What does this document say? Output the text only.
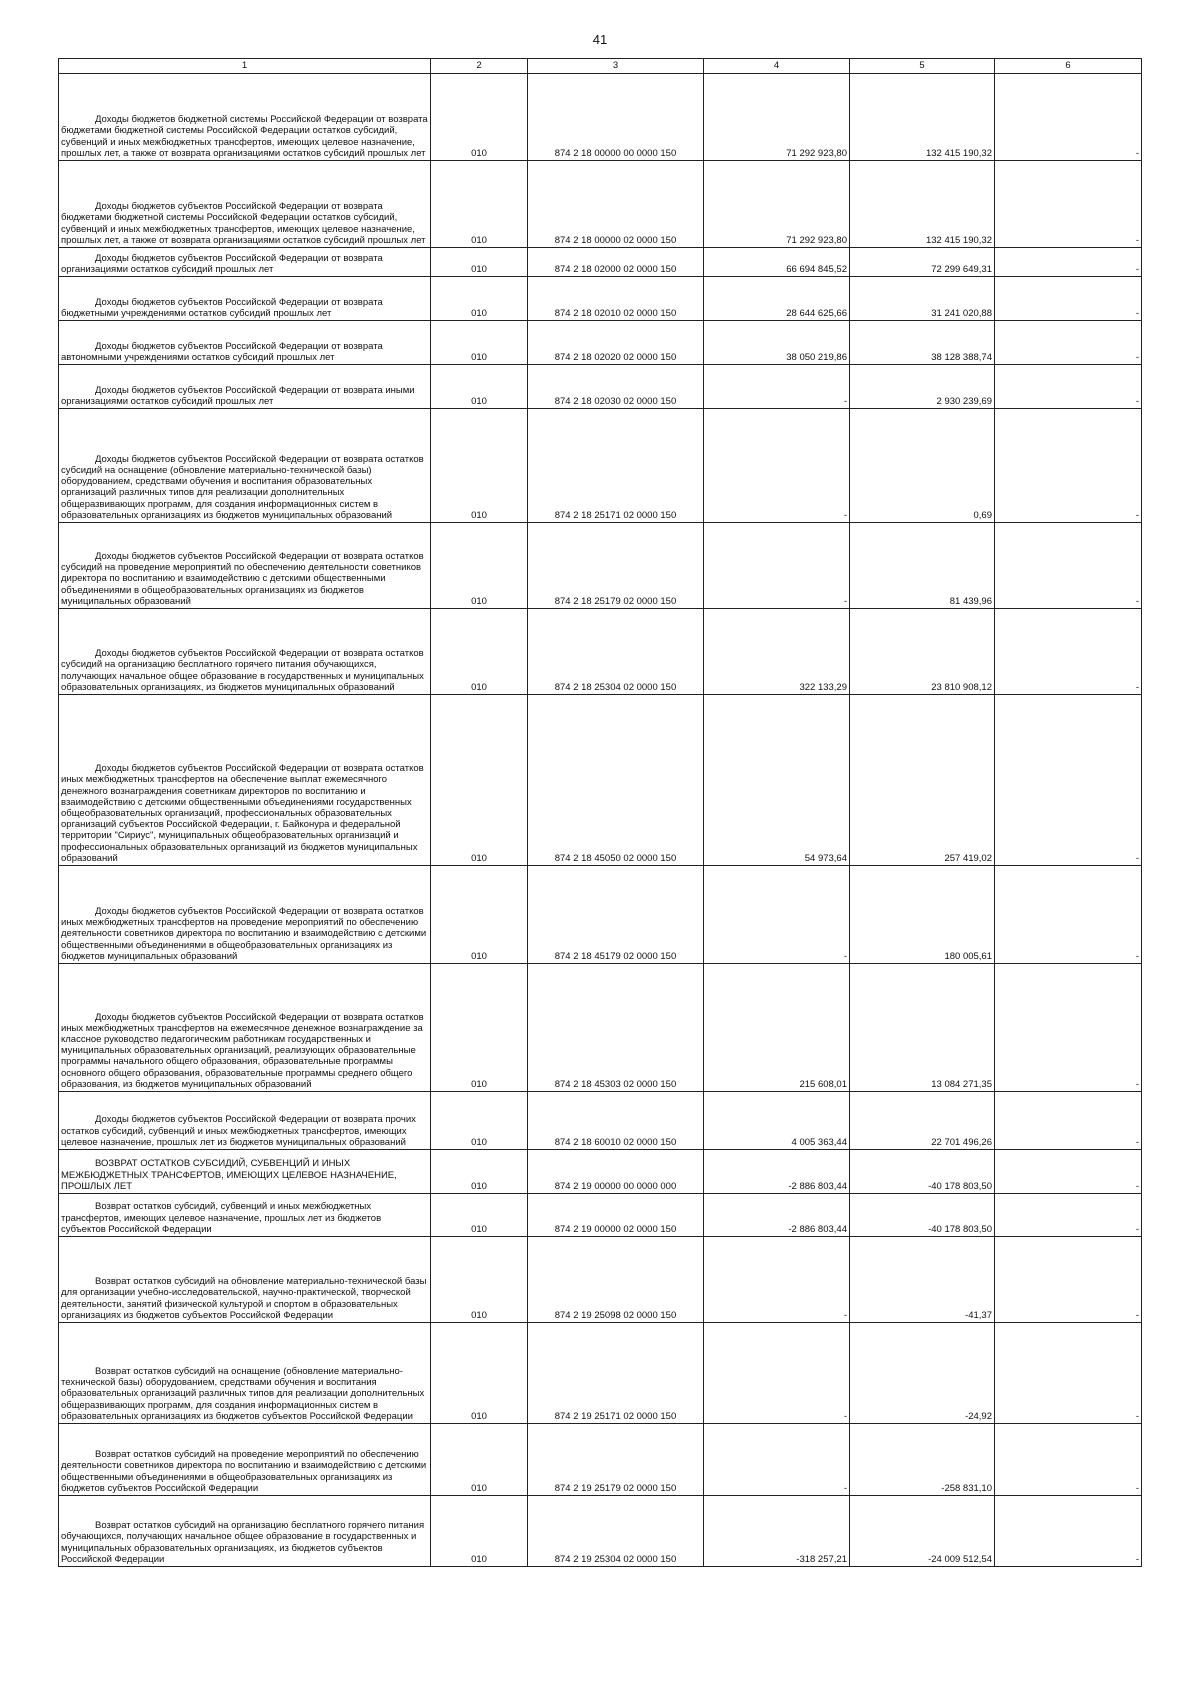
41
1	2	3	4	5	6

Доходы бюджетов бюджетной системы Российской Федерации от возврата бюджетами бюджетной системы Российской Федерации остатков субсидий, субвенций и иных межбюджетных трансфертов, имеющих целевое назначение, прошлых лет, а также от возврата организациями остатков субсидий прошлых лет	010	874 2 18 00000 00 0000 150	71 292 923,80	132 415 190,32	-

Доходы бюджетов субъектов Российской Федерации от возврата бюджетами бюджетной системы Российской Федерации остатков субсидий, субвенций и иных межбюджетных трансфертов, имеющих целевое назначение, прошлых лет, а также от возврата организациями остатков субсидий прошлых лет	010	874 2 18 00000 02 0000 150	71 292 923,80	132 415 190,32	-

Доходы бюджетов субъектов Российской Федерации от возврата организациями остатков субсидий прошлых лет	010	874 2 18 02000 02 0000 150	66 694 845,52	72 299 649,31	-

Доходы бюджетов субъектов Российской Федерации от возврата бюджетными учреждениями остатков субсидий прошлых лет	010	874 2 18 02010 02 0000 150	28 644 625,66	31 241 020,88	-

Доходы бюджетов субъектов Российской Федерации от возврата автономными учреждениями остатков субсидий прошлых лет	010	874 2 18 02020 02 0000 150	38 050 219,86	38 128 388,74	-

Доходы бюджетов субъектов Российской Федерации от возврата иными организациями остатков субсидий прошлых лет	010	874 2 18 02030 02 0000 150	-	2 930 239,69	-

Доходы бюджетов субъектов Российской Федерации от возврата остатков субсидий на оснащение (обновление материально-технической базы) оборудованием, средствами обучения и воспитания образовательных организаций различных типов для реализации дополнительных общеразвивающих программ, для создания информационных систем в образовательных организациях из бюджетов муниципальных образований	010	874 2 18 25171 02 0000 150	-	0,69	-

Доходы бюджетов субъектов Российской Федерации от возврата остатков субсидий на проведение мероприятий по обеспечению деятельности советников директора по воспитанию и взаимодействию с детскими общественными объединениями в общеобразовательных организациях из бюджетов муниципальных образований	010	874 2 18 25179 02 0000 150	-	81 439,96	-

Доходы бюджетов субъектов Российской Федерации от возврата остатков субсидий на организацию бесплатного горячего питания обучающихся, получающих начальное общее образование в государственных и муниципальных образовательных организациях, из бюджетов муниципальных образований	010	874 2 18 25304 02 0000 150	322 133,29	23 810 908,12	-

Доходы бюджетов субъектов Российской Федерации от возврата остатков иных межбюджетных трансфертов на обеспечение выплат ежемесячного денежного вознаграждения советникам директоров по воспитанию и взаимодействию с детскими общественными объединениями государственных общеобразовательных организаций, профессиональных образовательных организаций субъектов Российской Федерации, г. Байконура и федеральной территории "Сириус", муниципальных общеобразовательных организаций и профессиональных образовательных организаций из бюджетов муниципальных образований	010	874 2 18 45050 02 0000 150	54 973,64	257 419,02	-

Доходы бюджетов субъектов Российской Федерации от возврата остатков иных межбюджетных трансфертов на проведение мероприятий по обеспечению деятельности советников директора по воспитанию и взаимодействию с детскими общественными объединениями в общеобразовательных организациях из бюджетов муниципальных образований	010	874 2 18 45179 02 0000 150	-	180 005,61	-

Доходы бюджетов субъектов Российской Федерации от возврата остатков иных межбюджетных трансфертов на ежемесячное денежное вознаграждение за классное руководство педагогическим работникам государственных и муниципальных образовательных организаций, реализующих образовательные программы начального общего образования, образовательные программы основного общего образования, образовательные программы среднего общего образования, из бюджетов муниципальных образований	010	874 2 18 45303 02 0000 150	215 608,01	13 084 271,35	-

Доходы бюджетов субъектов Российской Федерации от возврата прочих остатков субсидий, субвенций и иных межбюджетных трансфертов, имеющих целевое назначение, прошлых лет из бюджетов муниципальных образований	010	874 2 18 60010 02 0000 150	4 005 363,44	22 701 496,26	-

ВОЗВРАТ ОСТАТКОВ СУБСИДИЙ, СУБВЕНЦИЙ И ИНЫХ МЕЖБЮДЖЕТНЫХ ТРАНСФЕРТОВ, ИМЕЮЩИХ ЦЕЛЕВОЕ НАЗНАЧЕНИЕ, ПРОШЛЫХ ЛЕТ	010	874 2 19 00000 00 0000 000	-2 886 803,44	-40 178 803,50	-

Возврат остатков субсидий, субвенций и иных межбюджетных трансфертов, имеющих целевое назначение, прошлых лет из бюджетов субъектов Российской Федерации	010	874 2 19 00000 02 0000 150	-2 886 803,44	-40 178 803,50	-

Возврат остатков субсидий на обновление материально-технической базы для организации учебно-исследовательской, научно-практической, творческой деятельности, занятий физической культурой и спортом в образовательных организациях из бюджетов субъектов Российской Федерации	010	874 2 19 25098 02 0000 150	-	-41,37	-

Возврат остатков субсидий на оснащение (обновление материально-технической базы) оборудованием, средствами обучения и воспитания образовательных организаций различных типов для реализации дополнительных общеразвивающих программ, для создания информационных систем в образовательных организациях из бюджетов субъектов Российской Федерации	010	874 2 19 25171 02 0000 150	-	-24,92	-

Возврат остатков субсидий на проведение мероприятий по обеспечению деятельности советников директора по воспитанию и взаимодействию с детскими общественными объединениями в общеобразовательных организациях из бюджетов субъектов Российской Федерации	010	874 2 19 25179 02 0000 150	-	-258 831,10	-

Возврат остатков субсидий на организацию бесплатного горячего питания обучающихся, получающих начальное общее образование в государственных и муниципальных образовательных организациях, из бюджетов субъектов Российской Федерации	010	874 2 19 25304 02 0000 150	-318 257,21	-24 009 512,54	-
